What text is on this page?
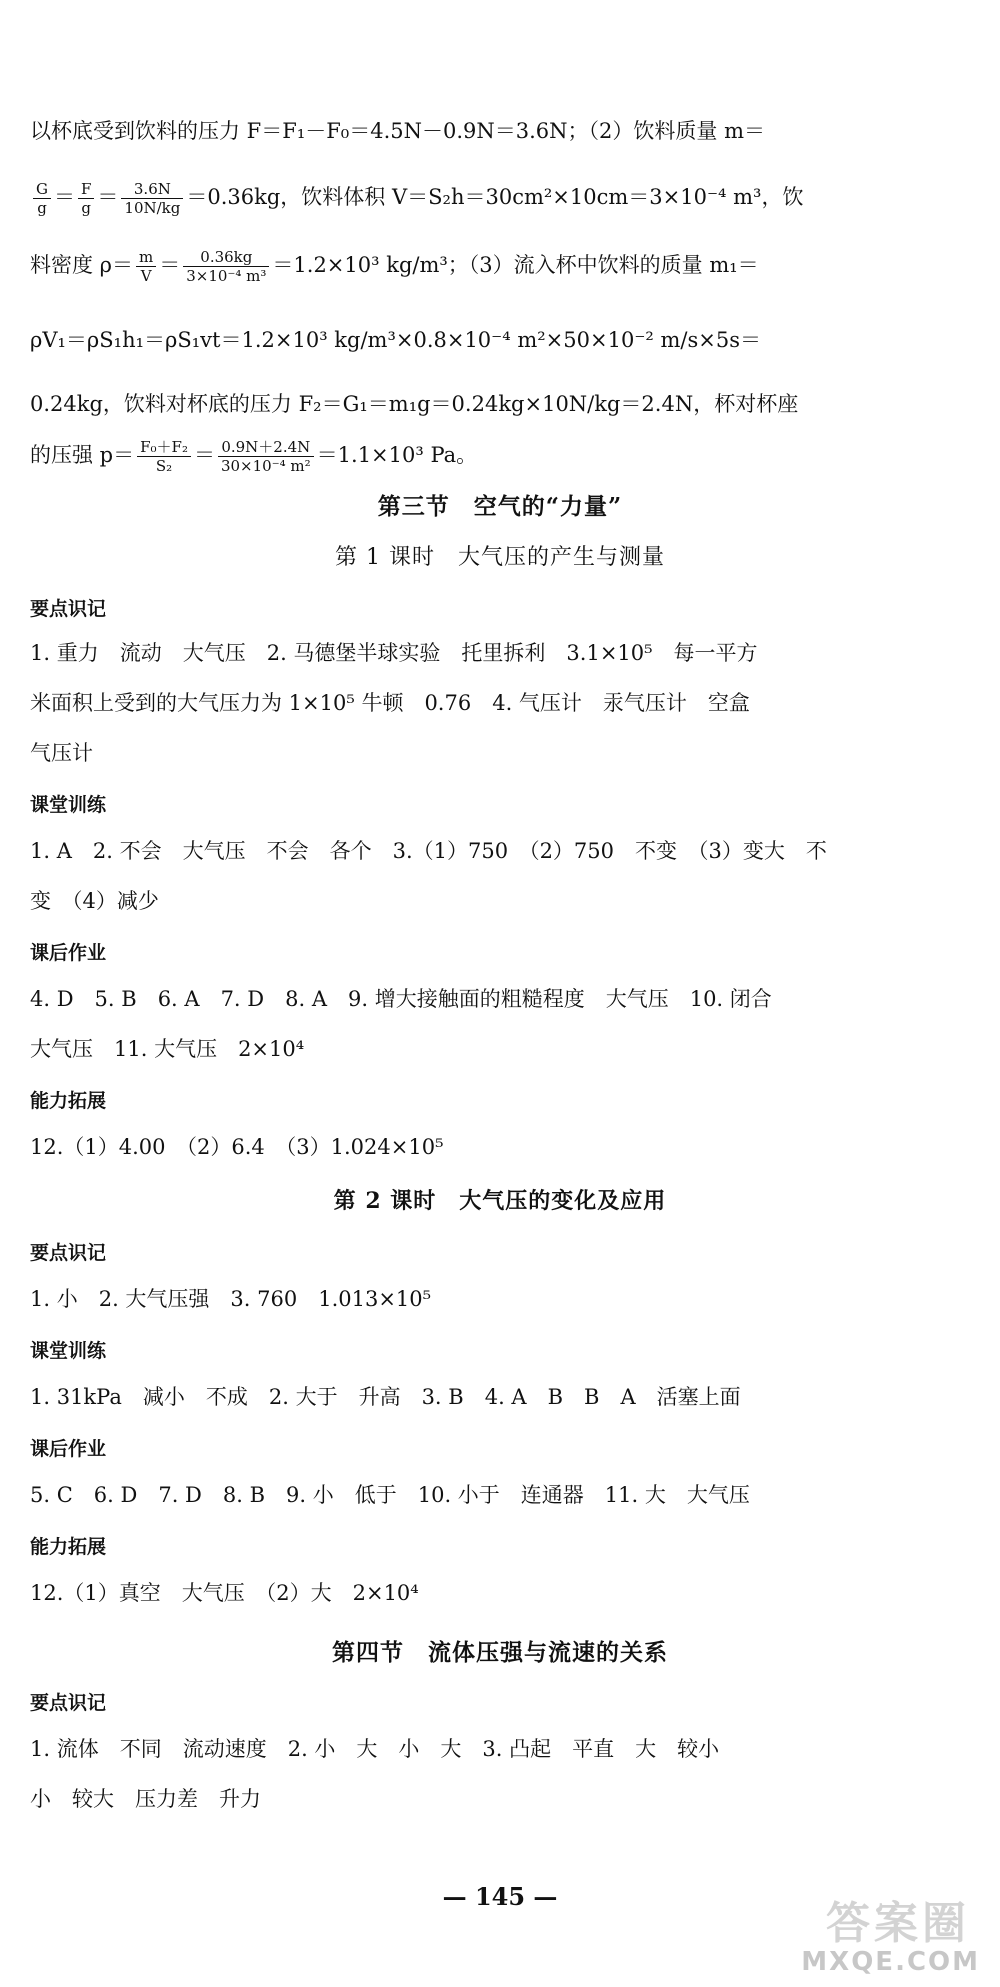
以杯底受到饮料的压力 F＝F₁－F₀＝4.5N－0.9N＝3.6N；（2）饮料质量 m＝
$\frac{G}{g} = \frac{F}{g} = \frac{3.6N}{10N/kg} =0.36kg$，饮料体积 V＝S₂h＝30cm²×10cm＝3×10⁻⁴ m³，饮
料密度 $\rho= \frac{m}{V} = \frac{0.36kg}{\text{3×10⁻⁴ m³}} =1.2\times 10^3$ kg/m³；（3）流入杯中饮料的质量 m₁＝
ρV₁＝ρS₁h₁＝ρS₁vt＝1.2×10³ kg/m³×0.8×10⁻⁴ m²×50×10⁻² m/s×5s＝
0.24kg，饮料对杯底的压力 F₂＝G₁＝m₁g＝0.24kg×10N/kg＝2.4N，杯对杯座
的压强 $p= \frac{\text{F₀＋F₂}}{\text{S₂}} = \frac{0.9N+2.4N}{\text{30×10⁻⁴ m²}} =1.1\times 10^3$ Pa。
第三节　空气的“力量”
第 1 课时　大气压的产生与测量
要点识记
1. 重力　流动　大气压　2. 马德堡半球实验　托里拆利　3.1×10⁵　每一平方
米面积上受到的大气压力为 1×10⁵ 牛顿　0.76　4. 气压计　汞气压计　空盒
气压计
课堂训练
1. A　2. 不会　大气压　不会　各个　3.（1）750　（2）750　不变　（3）变大　不
变　（4）减少
课后作业
4. D　5. B　6. A　7. D　8. A　9. 增大接触面的粗糙程度　大气压　10. 闭合
大气压　11. 大气压　2×10⁴
能力拓展
12.（1）4.00　（2）6.4　（3）1.024×10⁵
第 2 课时　大气压的变化及应用
要点识记
1. 小　2. 大气压强　3. 760　1.013×10⁵
课堂训练
1. 31kPa　减小　不成　2. 大于　升高　3. B　4. A　B　B　A　活塞上面
课后作业
5. C　6. D　7. D　8. B　9. 小　低于　10. 小于　连通器　11. 大　大气压
能力拓展
12.（1）真空　大气压　（2）大　2×10⁴
第四节　流体压强与流速的关系
要点识记
1. 流体　不同　流动速度　2. 小　大　小　大　3. 凸起　平直　大　较小
小　较大　压力差　升力
— 145 —
答案圈
MXQE.COM
